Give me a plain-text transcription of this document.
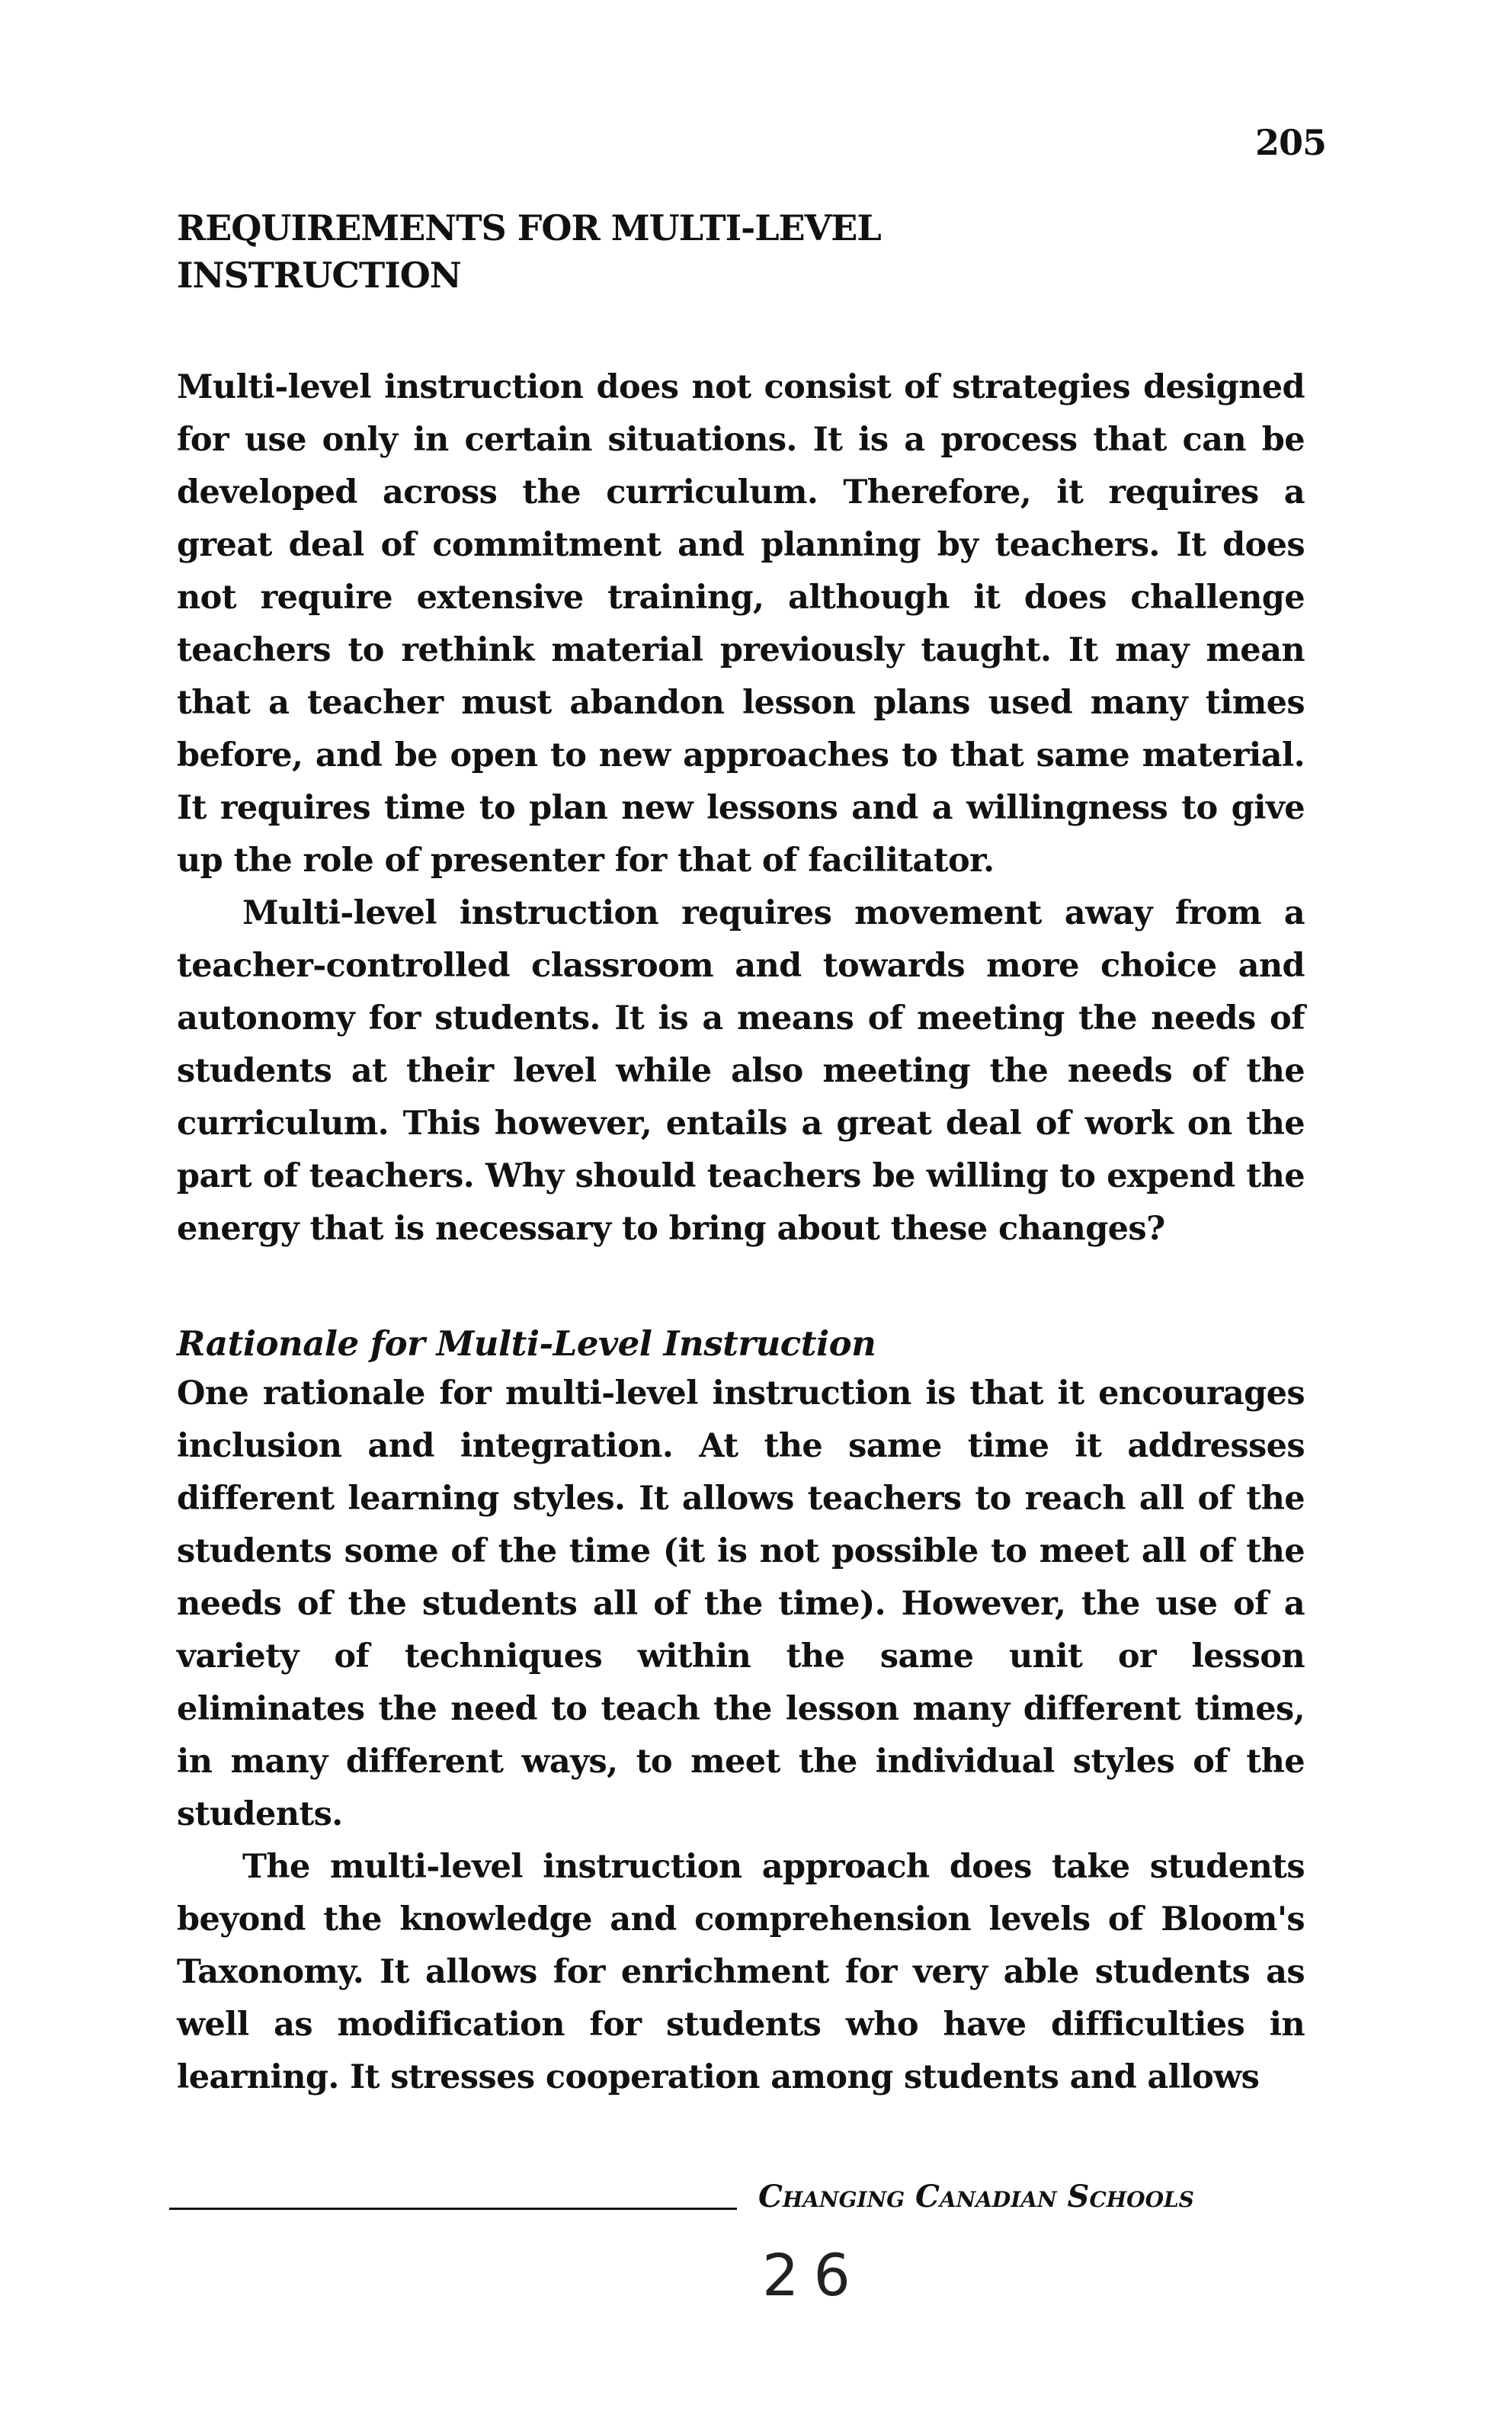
205
REQUIREMENTS FOR MULTI-LEVEL INSTRUCTION

Multi-level instruction does not consist of strategies designed for use only in certain situations. It is a process that can be developed across the curriculum. Therefore, it requires a great deal of commitment and planning by teachers. It does not require extensive training, although it does challenge teachers to rethink material previously taught. It may mean that a teacher must abandon lesson plans used many times before, and be open to new approaches to that same material. It requires time to plan new lessons and a willingness to give up the role of presenter for that of facilitator.

Multi-level instruction requires movement away from a teacher-controlled classroom and towards more choice and autonomy for students. It is a means of meeting the needs of students at their level while also meeting the needs of the curriculum. This however, entails a great deal of work on the part of teachers. Why should teachers be willing to expend the energy that is necessary to bring about these changes?

Rationale for Multi-Level Instruction

One rationale for multi-level instruction is that it encourages inclusion and integration. At the same time it addresses different learning styles. It allows teachers to reach all of the students some of the time (it is not possible to meet all of the needs of the students all of the time). However, the use of a variety of techniques within the same unit or lesson eliminates the need to teach the lesson many different times, in many different ways, to meet the individual styles of the students.

The multi-level instruction approach does take students beyond the knowledge and comprehension levels of Bloom's Taxonomy. It allows for enrichment for very able students as well as modification for students who have difficulties in learning. It stresses cooperation among students and allows

Changing Canadian Schools
2 6
